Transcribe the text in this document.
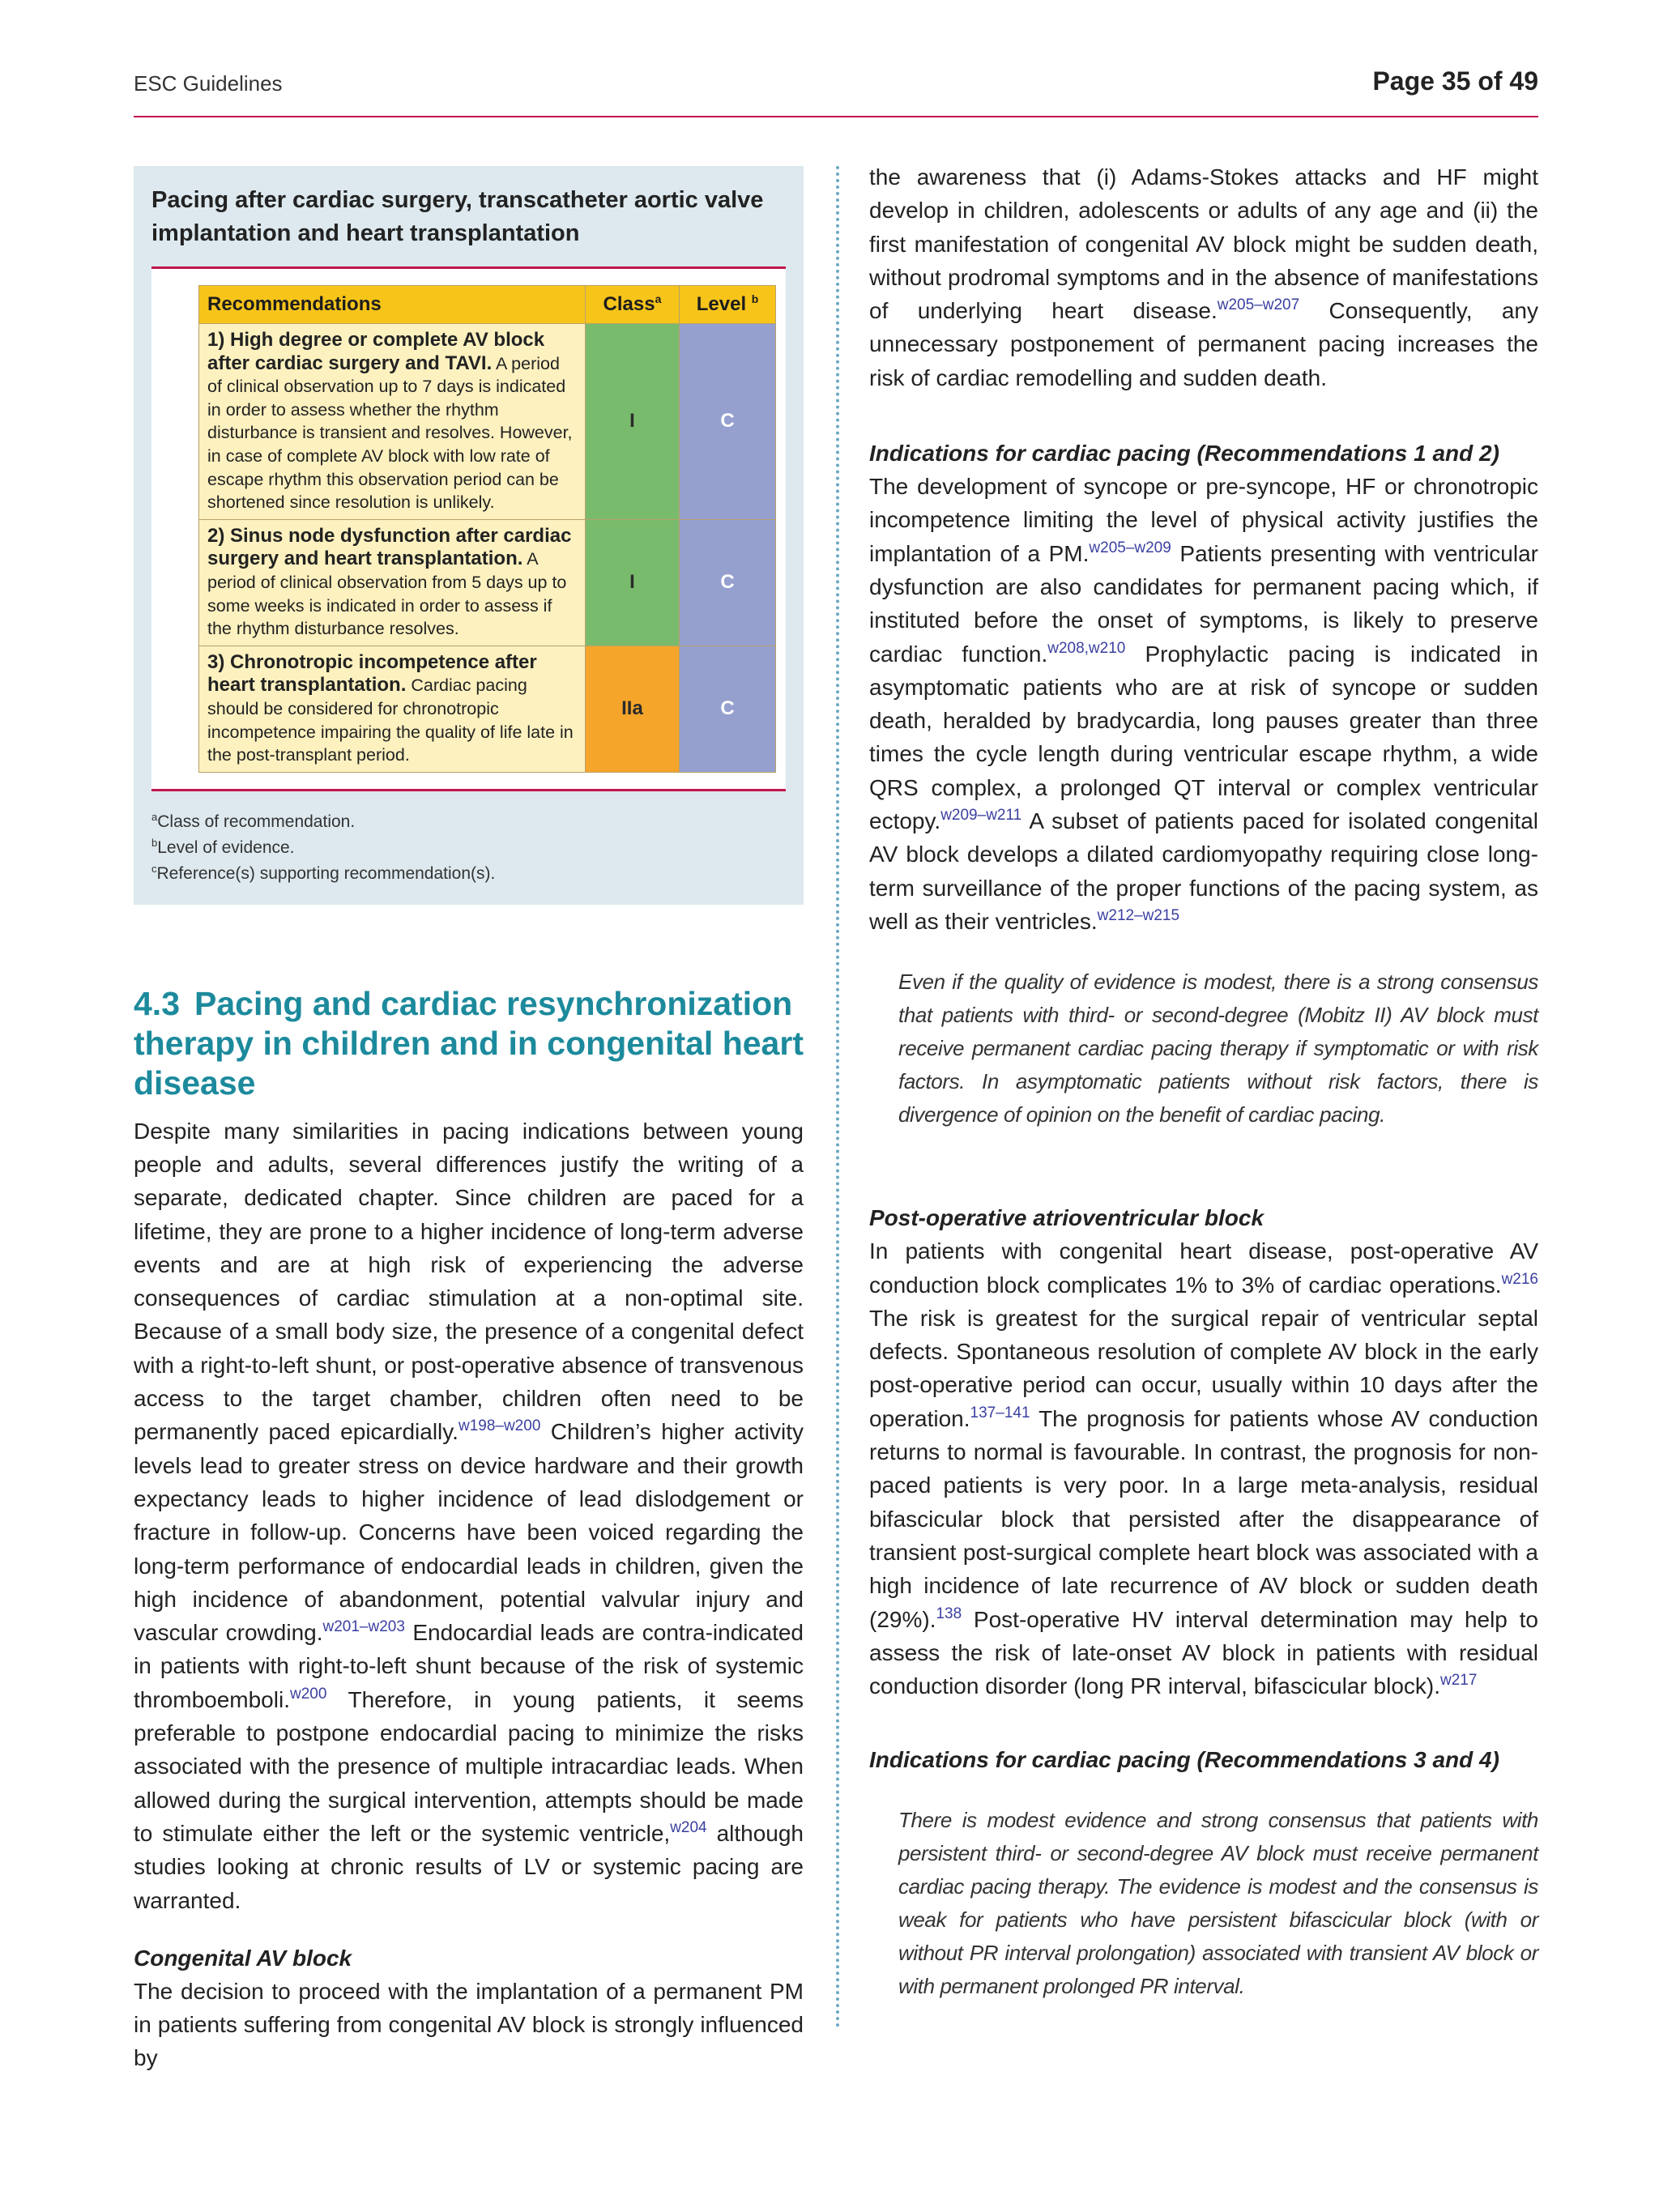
ESC Guidelines	Page 35 of 49
Pacing after cardiac surgery, transcatheter aortic valve
implantation and heart transplantation
Recommendations	Class$^a$	Level $^b$
1) High degree or complete AV block after cardiac surgery and TAVI. A period of clinical observation up to 7 days is indicated in order to assess whether the rhythm disturbance is transient and resolves. However, in case of complete AV block with low rate of escape rhythm this observation period can be shortened since resolution is unlikely.	I	C
2) Sinus node dysfunction after cardiac surgery and heart transplantation. A period of clinical observation from 5 days up to some weeks is indicated in order to assess if the rhythm disturbance resolves.	I	C
3) Chronotropic incompetence after heart transplantation. Cardiac pacing should be considered for chronotropic incompetence impairing the quality of life late in the post-transplant period.	IIa	C
$^a$Class of recommendation.
$^b$Level of evidence.
$^c$Reference(s) supporting recommendation(s).
4.3 Pacing and cardiac resynchronization therapy in children and in congenital heart disease

Despite many similarities in pacing indications between young people and adults, several differences justify the writing of a separate, dedicated chapter. Since children are paced for a lifetime, they are prone to a higher incidence of long-term adverse events and are at high risk of experiencing the adverse consequences of cardiac stimulation at a non-optimal site. Because of a small body size, the presence of a congenital defect with a right-to-left shunt, or post-operative absence of transvenous access to the target chamber, children often need to be permanently paced epicardially.$^{w198-w200}$ Children’s higher activity levels lead to greater stress on device hardware and their growth expectancy leads to higher incidence of lead dislodgement or fracture in follow-up. Concerns have been voiced regarding the long-term performance of endocardial leads in children, given the high incidence of abandonment, potential valvular injury and vascular crowding.$^{w201-w203}$ Endocardial leads are contra-indicated in patients with right-to-left shunt because of the risk of systemic thromboemboli.$^{w200}$ Therefore, in young patients, it seems preferable to postpone endocardial pacing to minimize the risks associated with the presence of multiple intracardiac leads. When allowed during the surgical intervention, attempts should be made to stimulate either the left or the systemic ventricle,$^{w204}$ although studies looking at chronic results of LV or systemic pacing are warranted.

Congenital AV block

The decision to proceed with the implantation of a permanent PM in patients suffering from congenital AV block is strongly influenced by

the awareness that (i) Adams-Stokes attacks and HF might develop in children, adolescents or adults of any age and (ii) the first manifestation of congenital AV block might be sudden death, without prodromal symptoms and in the absence of manifestations of underlying heart disease.$^{w205-w207}$ Consequently, any unnecessary postponement of permanent pacing increases the risk of cardiac remodelling and sudden death.

Indications for cardiac pacing (Recommendations 1 and 2)

The development of syncope or pre-syncope, HF or chronotropic incompetence limiting the level of physical activity justifies the implantation of a PM.$^{w205-w209}$ Patients presenting with ventricular dysfunction are also candidates for permanent pacing which, if instituted before the onset of symptoms, is likely to preserve cardiac function.$^{w208,w210}$ Prophylactic pacing is indicated in asymptomatic patients who are at risk of syncope or sudden death, heralded by bradycardia, long pauses greater than three times the cycle length during ventricular escape rhythm, a wide QRS complex, a prolonged QT interval or complex ventricular ectopy.$^{w209-w211}$ A subset of patients paced for isolated congenital AV block develops a dilated cardiomyopathy requiring close long-term surveillance of the proper functions of the pacing system, as well as their ventricles.$^{w212-w215}$

Even if the quality of evidence is modest, there is a strong consensus that patients with third- or second-degree (Mobitz II) AV block must receive permanent cardiac pacing therapy if symptomatic or with risk factors. In asymptomatic patients without risk factors, there is divergence of opinion on the benefit of cardiac pacing.

Post-operative atrioventricular block

In patients with congenital heart disease, post-operative AV conduction block complicates 1% to 3% of cardiac operations.$^{w216}$ The risk is greatest for the surgical repair of ventricular septal defects. Spontaneous resolution of complete AV block in the early post-operative period can occur, usually within 10 days after the operation.$^{137-141}$ The prognosis for patients whose AV conduction returns to normal is favourable. In contrast, the prognosis for non-paced patients is very poor. In a large meta-analysis, residual bifascicular block that persisted after the disappearance of transient post-surgical complete heart block was associated with a high incidence of late recurrence of AV block or sudden death (29%).$^{138}$ Post-operative HV interval determination may help to assess the risk of late-onset AV block in patients with residual conduction disorder (long PR interval, bifascicular block).$^{w217}$

Indications for cardiac pacing (Recommendations 3 and 4)

There is modest evidence and strong consensus that patients with persistent third- or second-degree AV block must receive permanent cardiac pacing therapy. The evidence is modest and the consensus is weak for patients who have persistent bifascicular block (with or without PR interval prolongation) associated with transient AV block or with permanent prolonged PR interval.
